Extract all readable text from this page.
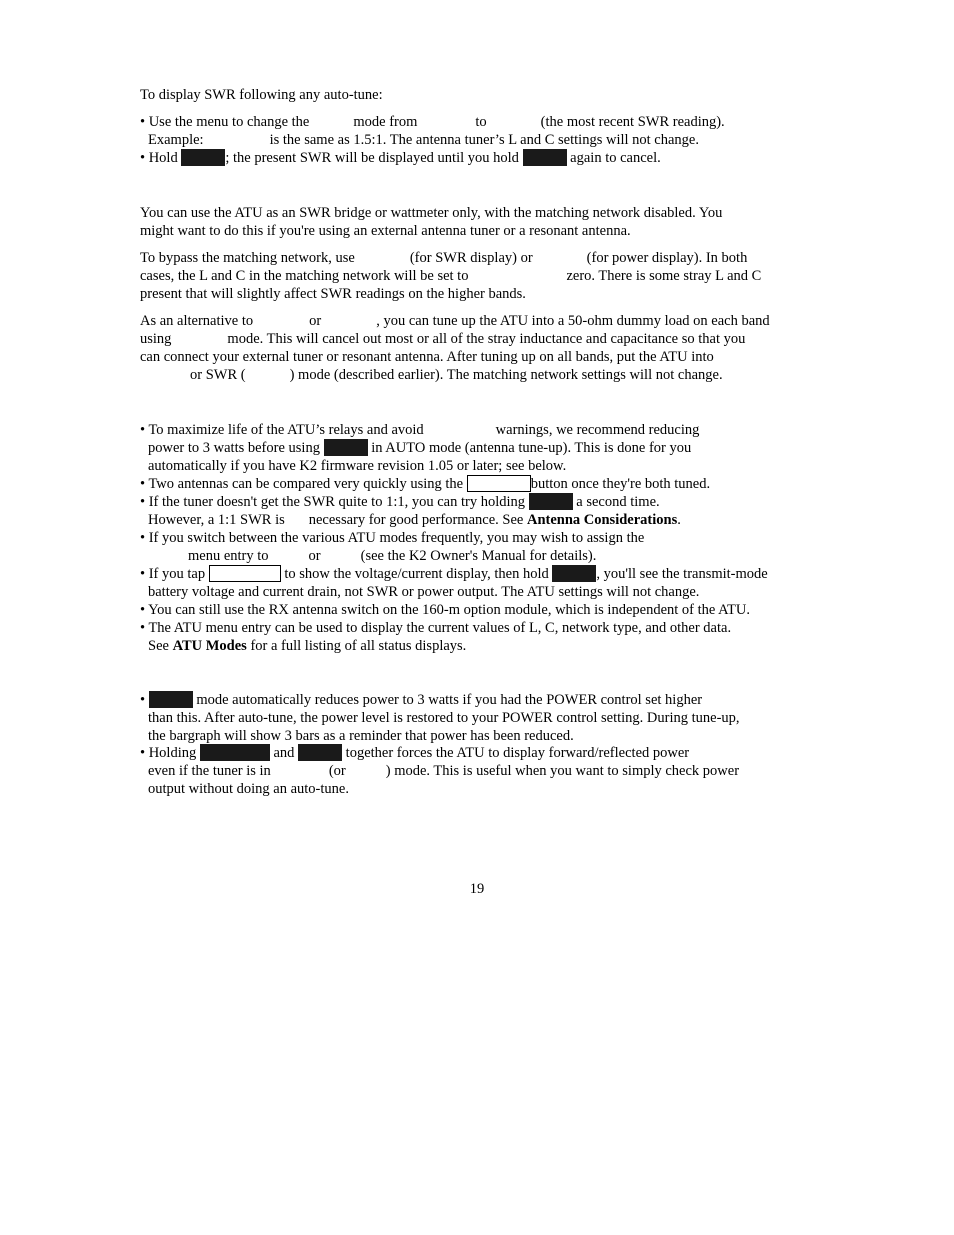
To display SWR following any auto-tune:
• Use the menu to change the	mode from	to	(the most recent SWR reading).
Example:	is the same as 1.5:1. The antenna tuner’s L and C settings will not change.
• Hold	; the present SWR will be displayed until you hold	again to cancel.
You can use the ATU as an SWR bridge or wattmeter only, with the matching network disabled. You
might want to do this if you're using an external antenna tuner or a resonant antenna.
To bypass the matching network, use	(for SWR display) or	(for power display). In both
cases, the L and C in the matching network will be set to	zero. There is some stray L and C
present that will slightly affect SWR readings on the higher bands.
As an alternative to	or	, you can tune up the ATU into a 50-ohm dummy load on each band
using	mode. This will cancel out most or all of the stray inductance and capacitance so that you
can connect your external tuner or resonant antenna. After tuning up on all bands, put the ATU into
or SWR (	) mode (described earlier). The matching network settings will not change.
• To maximize life of the ATU’s relays and avoid	warnings, we recommend reducing
power to 3 watts before using	in AUTO mode (antenna tune-up). This is done for you
automatically if you have K2 firmware revision 1.05 or later; see below.
• Two antennas can be compared very quickly using the	button once they're both tuned.
• If the tuner doesn't get the SWR quite to 1:1, you can try holding	a second time.
However, a 1:1 SWR is necessary for good performance. See Antenna Considerations.
• If you switch between the various ATU modes frequently, you may wish to assign the
menu entry to	or	(see the K2 Owner's Manual for details).
• If you tap	to show the voltage/current display, then hold	, you'll see the transmit-mode
battery voltage and current drain, not SWR or power output. The ATU settings will not change.
• You can still use the RX antenna switch on the 160-m option module, which is independent of the ATU.
• The ATU menu entry can be used to display the current values of L, C, network type, and other data.
See ATU Modes for a full listing of all status displays.
•	mode automatically reduces power to 3 watts if you had the POWER control set higher
than this. After auto-tune, the power level is restored to your POWER control setting. During tune-up,
the bargraph will show 3 bars as a reminder that power has been reduced.
• Holding	and	together forces the ATU to display forward/reflected power
even if the tuner is in	(or	) mode. This is useful when you want to simply check power
output without doing an auto-tune.
19
